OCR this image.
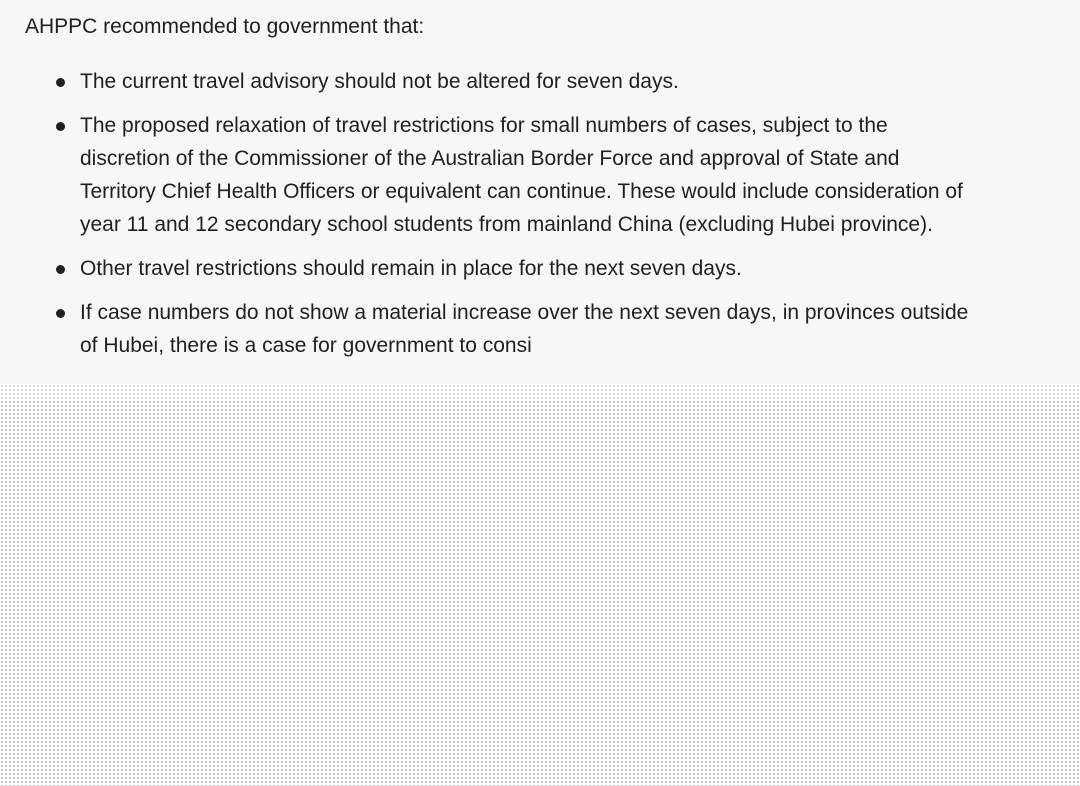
AHPPC recommended to government that:

The current travel advisory should not be altered for seven days.
The proposed relaxation of travel restrictions for small numbers of cases, subject to the discretion of the Commissioner of the Australian Border Force and approval of State and Territory Chief Health Officers or equivalent can continue. These would include consideration of year 11 and 12 secondary school students from mainland China (excluding Hubei province).
Other travel restrictions should remain in place for the next seven days.
If case numbers do not show a material increase over the next seven days, in provinces outside of Hubei, there is a case for government to consi
